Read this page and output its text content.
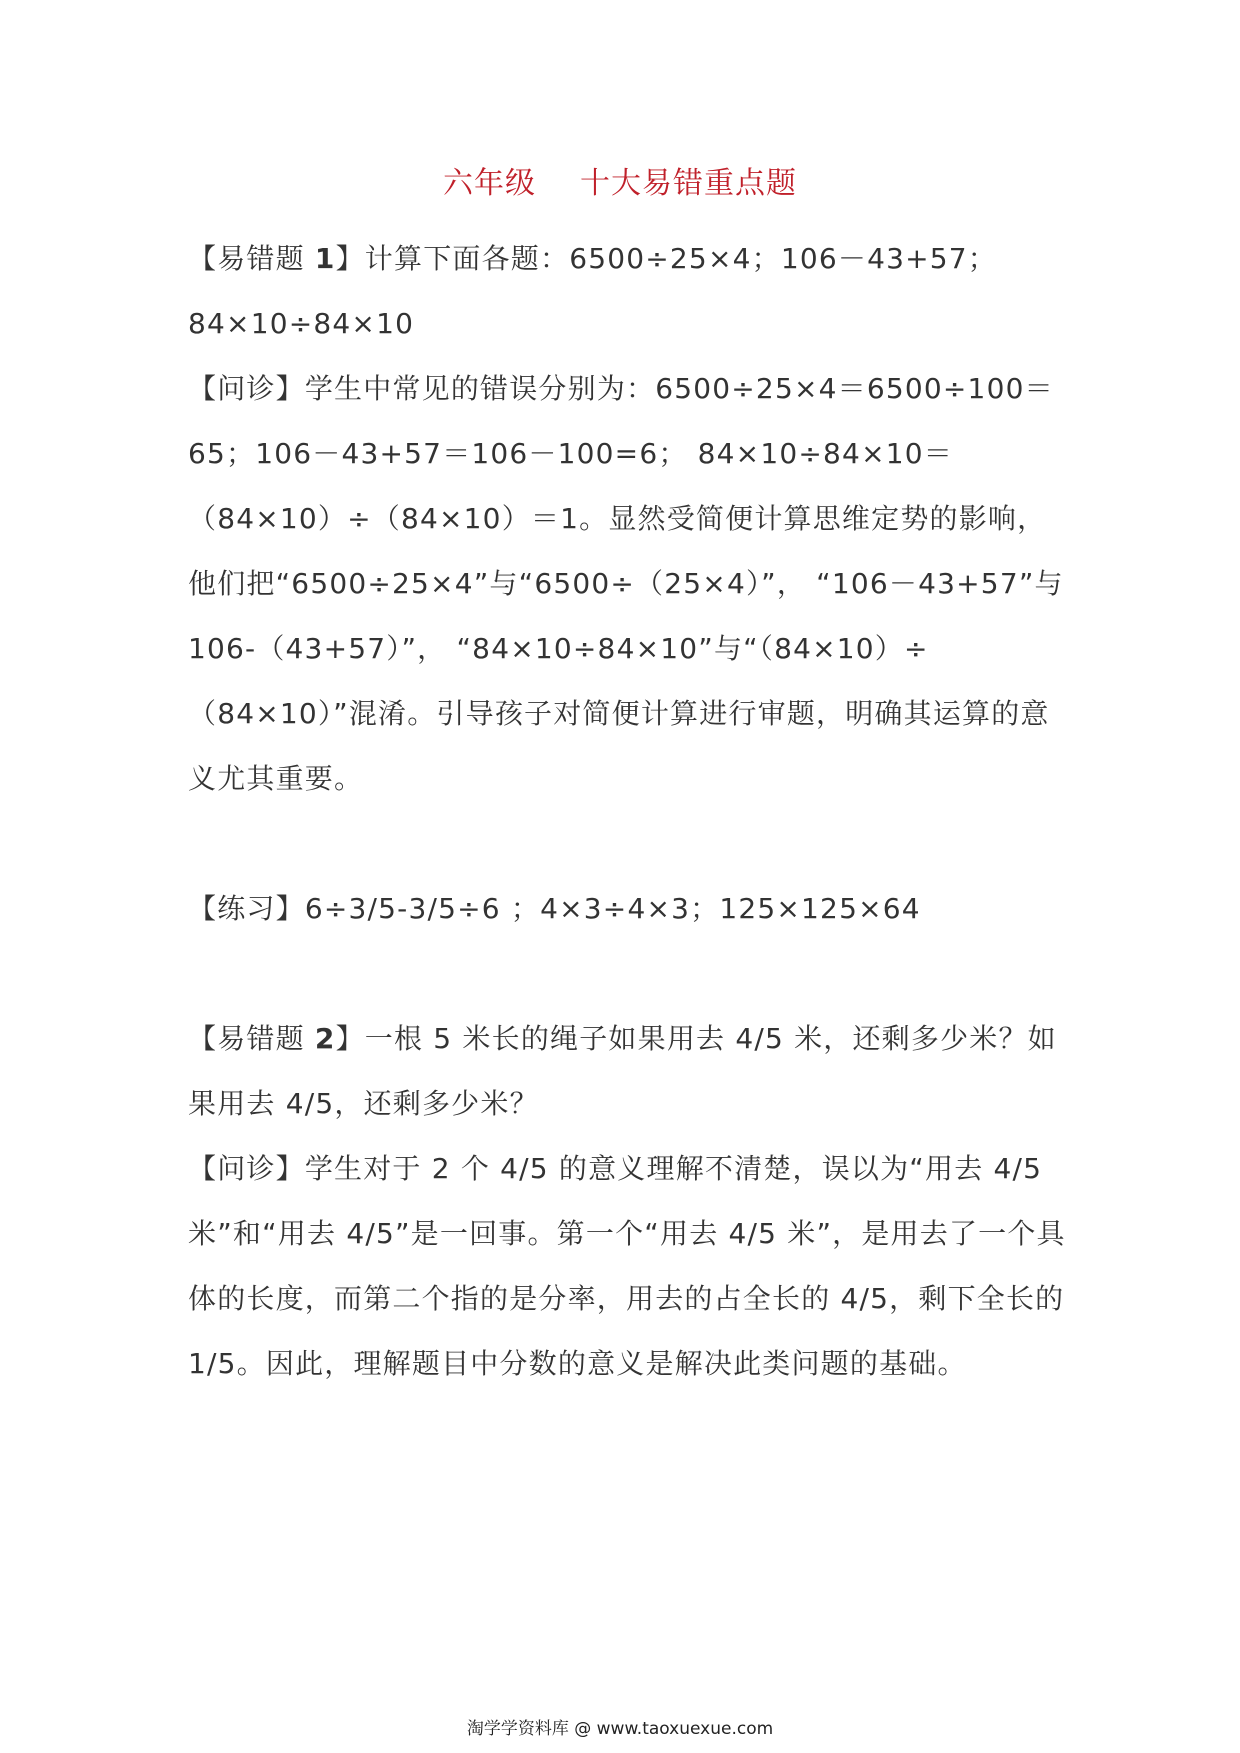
六年级 十大易错重点题

【易错题 1】计算下面各题：6500÷25×4；106－43+57；84×10÷84×10

【问诊】学生中常见的错误分别为：6500÷25×4＝6500÷100＝65；106－43+57＝106－100=6； 84×10÷84×10＝（84×10）÷（84×10）＝1。显然受简便计算思维定势的影响，他们把“6500÷25×4”与“6500÷（25×4）”， “106－43+57”与 106-（43+57）”， “84×10÷84×10”与“（84×10）÷（84×10）”混淆。引导孩子对简便计算进行审题，明确其运算的意义尤其重要。

【练习】6÷3/5-3/5÷6 ；4×3÷4×3；125×125×64

【易错题 2】一根 5 米长的绳子如果用去 4/5 米，还剩多少米？如果用去 4/5，还剩多少米？

【问诊】学生对于 2 个 4/5 的意义理解不清楚，误以为“用去 4/5 米”和“用去 4/5”是一回事。第一个“用去 4/5 米”，是用去了一个具体的长度，而第二个指的是分率，用去的占全长的 4/5，剩下全长的 1/5。因此，理解题目中分数的意义是解决此类问题的基础。

淘学学资料库 @ www.taoxuexue.com
